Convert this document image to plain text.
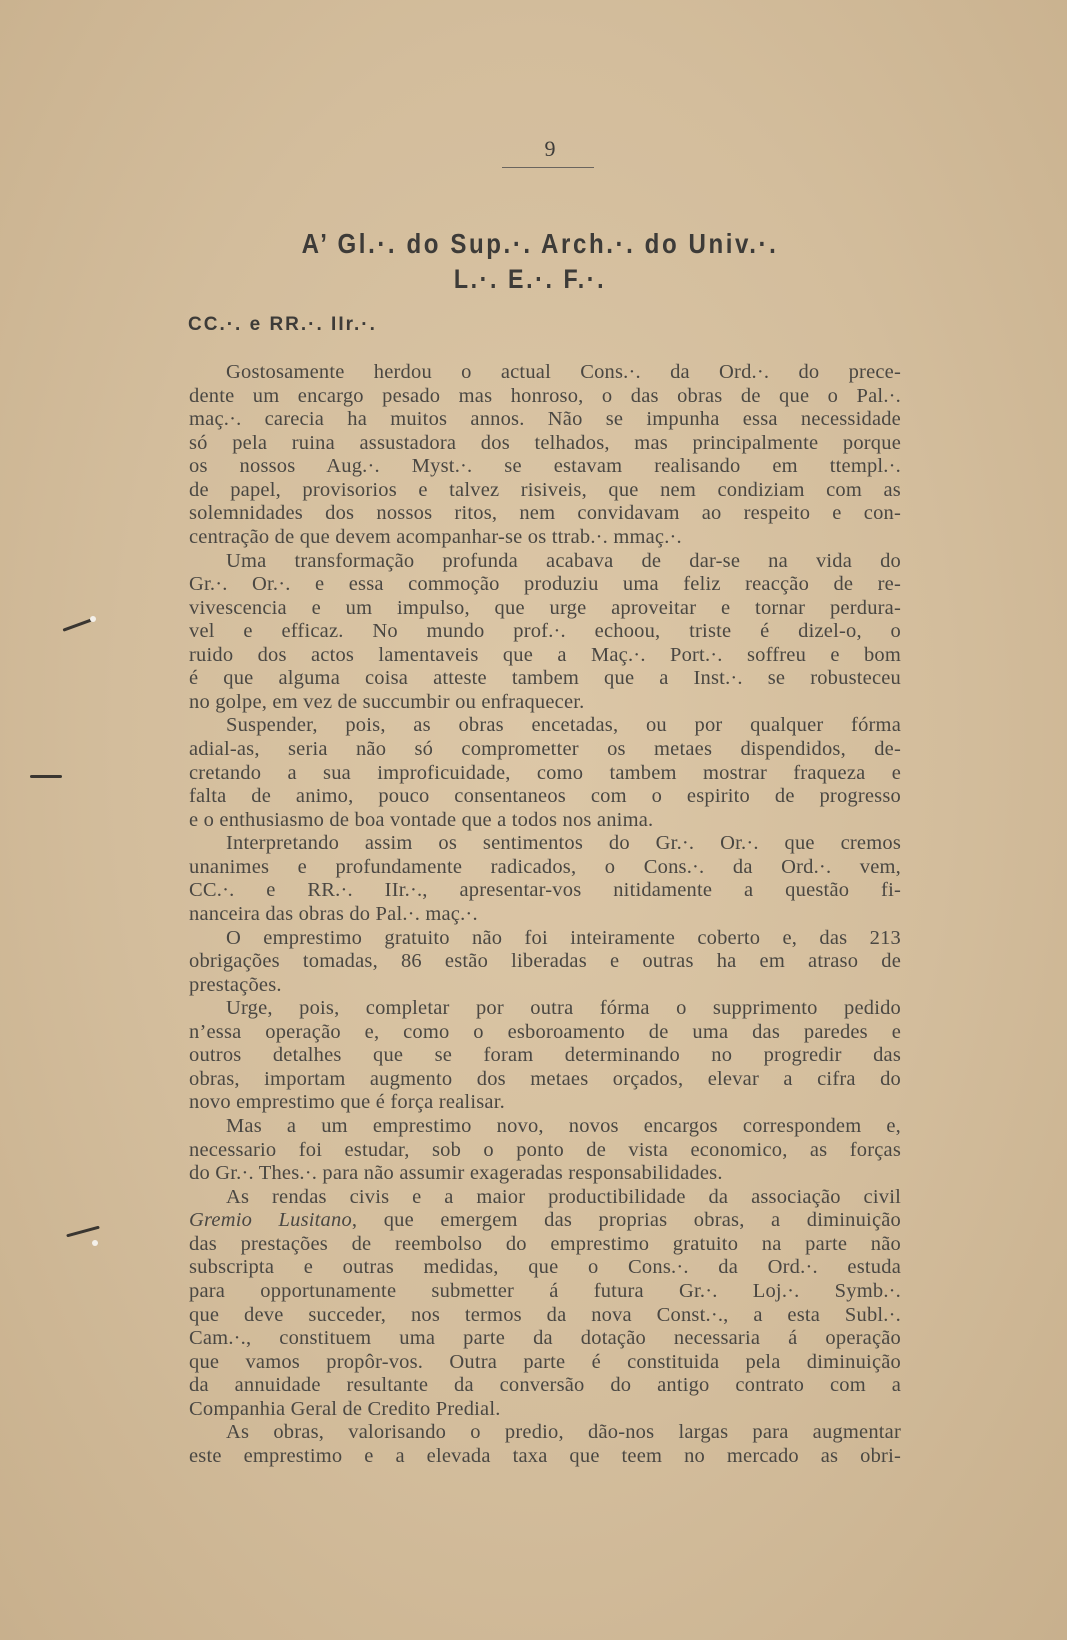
9
A’ Gl.·. do Sup.·. Arch.·. do Univ.·.
L.·. E.·. F.·.
CC.·. e RR.·. IIr.·.
Gostosamente herdou o actual Cons.·. da Ord.·. do prece-
dente um encargo pesado mas honroso, o das obras de que o Pal.·.
maç.·. carecia ha muitos annos. Não se impunha essa necessidade
só pela ruina assustadora dos telhados, mas principalmente porque
os nossos Aug.·. Myst.·. se estavam realisando em ttempl.·.
de papel, provisorios e talvez risiveis, que nem condiziam com as
solemnidades dos nossos ritos, nem convidavam ao respeito e con-
centração de que devem acompanhar-se os ttrab.·. mmaç.·.
Uma transformação profunda acabava de dar-se na vida do
Gr.·. Or.·. e essa commoção produziu uma feliz reacção de re-
vivescencia e um impulso, que urge aproveitar e tornar perdura-
vel e efficaz. No mundo prof.·. echoou, triste é dizel-o, o
ruido dos actos lamentaveis que a Maç.·. Port.·. soffreu e bom
é que alguma coisa atteste tambem que a Inst.·. se robusteceu
no golpe, em vez de succumbir ou enfraquecer.
Suspender, pois, as obras encetadas, ou por qualquer fórma
adial-as, seria não só comprometter os metaes dispendidos, de-
cretando a sua improficuidade, como tambem mostrar fraqueza e
falta de animo, pouco consentaneos com o espirito de progresso
e o enthusiasmo de boa vontade que a todos nos anima.
Interpretando assim os sentimentos do Gr.·. Or.·. que cremos
unanimes e profundamente radicados, o Cons.·. da Ord.·. vem,
CC.·. e RR.·. IIr.·., apresentar-vos nitidamente a questão fi-
nanceira das obras do Pal.·. maç.·.
O emprestimo gratuito não foi inteiramente coberto e, das 213
obrigações tomadas, 86 estão liberadas e outras ha em atraso de
prestações.
Urge, pois, completar por outra fórma o supprimento pedido
n’essa operação e, como o esboroamento de uma das paredes e
outros detalhes que se foram determinando no progredir das
obras, importam augmento dos metaes orçados, elevar a cifra do
novo emprestimo que é força realisar.
Mas a um emprestimo novo, novos encargos correspondem e,
necessario foi estudar, sob o ponto de vista economico, as forças
do Gr.·. Thes.·. para não assumir exageradas responsabilidades.
As rendas civis e a maior productibilidade da associação civil
Gremio Lusitano, que emergem das proprias obras, a diminuição
das prestações de reembolso do emprestimo gratuito na parte não
subscripta e outras medidas, que o Cons.·. da Ord.·. estuda
para opportunamente submetter á futura Gr.·. Loj.·. Symb.·.
que deve succeder, nos termos da nova Const.·., a esta Subl.·.
Cam.·., constituem uma parte da dotação necessaria á operação
que vamos propôr-vos. Outra parte é constituida pela diminuição
da annuidade resultante da conversão do antigo contrato com a
Companhia Geral de Credito Predial.
As obras, valorisando o predio, dão-nos largas para augmentar
este emprestimo e a elevada taxa que teem no mercado as obri-
